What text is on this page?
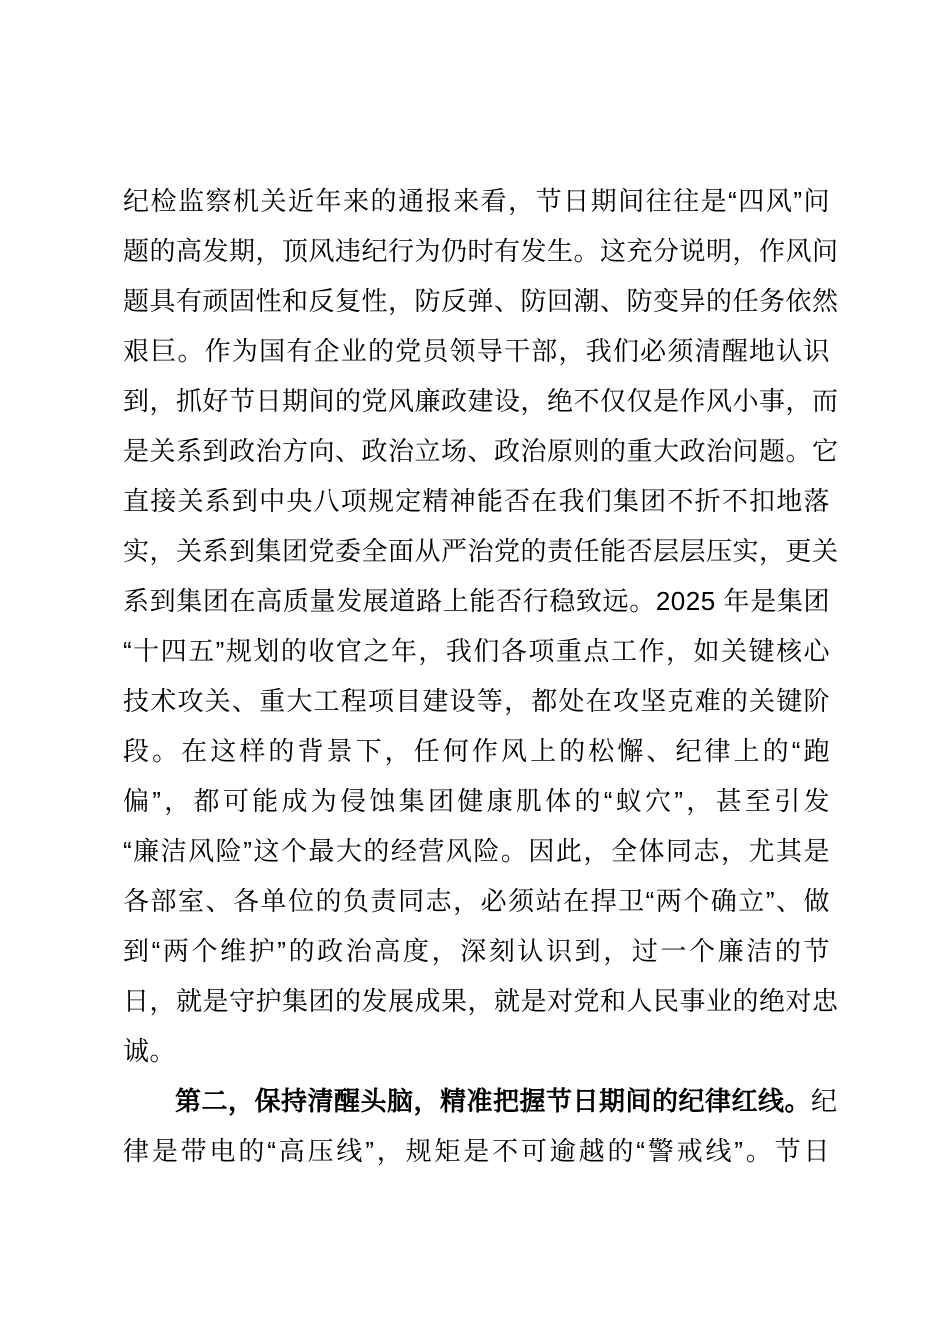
纪检监察机关近年来的通报来看，节日期间往往是“四风”问
题的高发期，顶风违纪行为仍时有发生。这充分说明，作风问
题具有顽固性和反复性，防反弹、防回潮、防变异的任务依然
艰巨。作为国有企业的党员领导干部，我们必须清醒地认识
到，抓好节日期间的党风廉政建设，绝不仅仅是作风小事，而
是关系到政治方向、政治立场、政治原则的重大政治问题。它
直接关系到中央八项规定精神能否在我们集团不折不扣地落
实，关系到集团党委全面从严治党的责任能否层层压实，更关
系到集团在高质量发展道路上能否行稳致远。2025 年是集团
“十四五”规划的收官之年，我们各项重点工作，如关键核心
技术攻关、重大工程项目建设等，都处在攻坚克难的关键阶
段。在这样的背景下，任何作风上的松懈、纪律上的“跑
偏”，都可能成为侵蚀集团健康肌体的“蚁穴”，甚至引发
“廉洁风险”这个最大的经营风险。因此，全体同志，尤其是
各部室、各单位的负责同志，必须站在捍卫“两个确立”、做
到“两个维护”的政治高度，深刻认识到，过一个廉洁的节
日，就是守护集团的发展成果，就是对党和人民事业的绝对忠
诚。
第二，保持清醒头脑，精准把握节日期间的纪律红线。纪
律是带电的“高压线”，规矩是不可逾越的“警戒线”。节日
